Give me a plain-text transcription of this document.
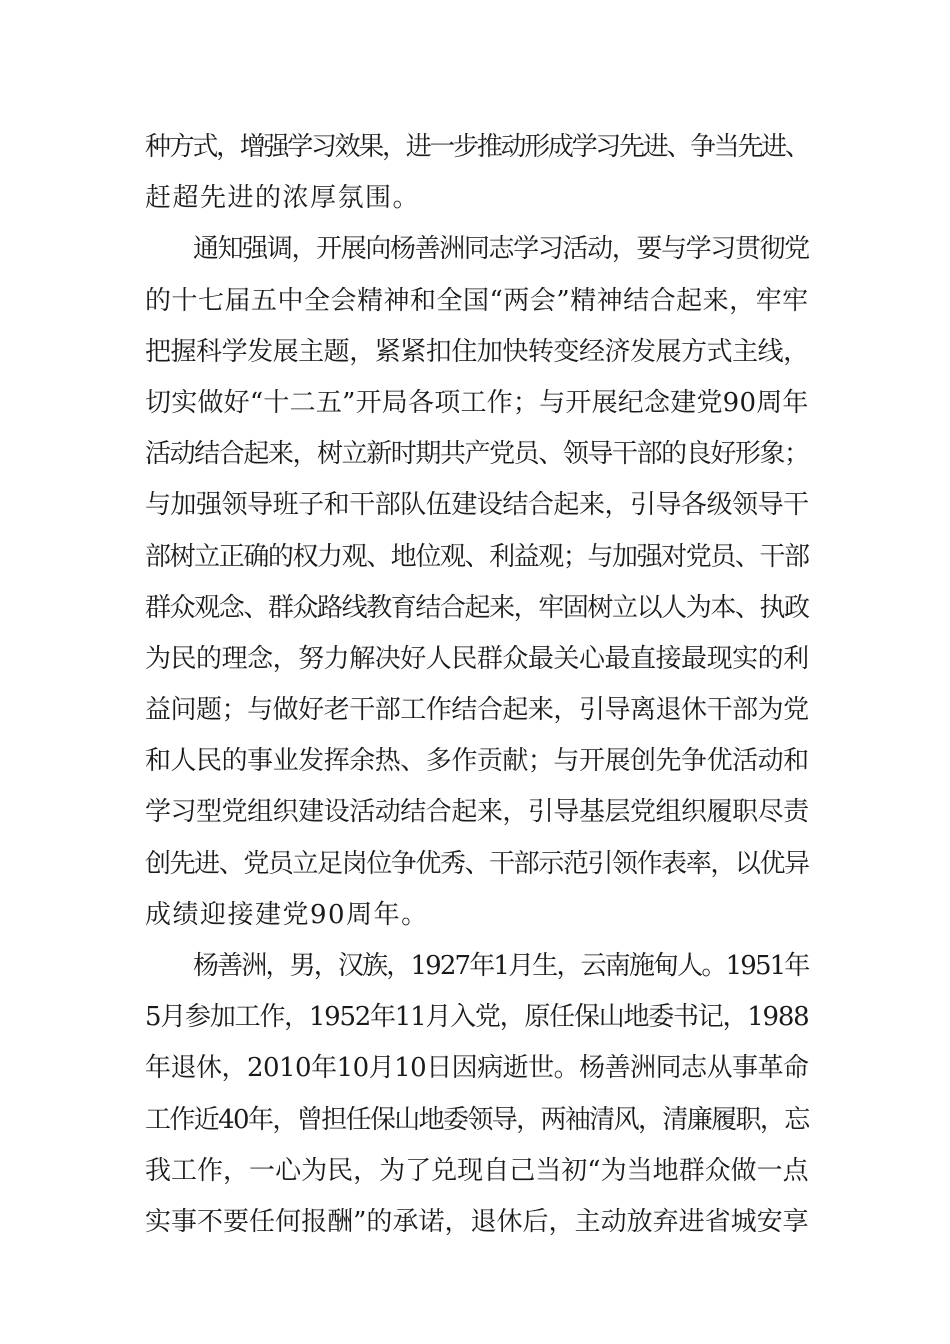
种方式，增强学习效果，进一步推动形成学习先进、争当先进、
赶超先进的浓厚氛围。
通知强调，开展向杨善洲同志学习活动，要与学习贯彻党
的十七届五中全会精神和全国“两会”精神结合起来，牢牢
把握科学发展主题，紧紧扣住加快转变经济发展方式主线，
切实做好“十二五”开局各项工作；与开展纪念建党90周年
活动结合起来，树立新时期共产党员、领导干部的良好形象；
与加强领导班子和干部队伍建设结合起来，引导各级领导干
部树立正确的权力观、地位观、利益观；与加强对党员、干部
群众观念、群众路线教育结合起来，牢固树立以人为本、执政
为民的理念，努力解决好人民群众最关心最直接最现实的利
益问题；与做好老干部工作结合起来，引导离退休干部为党
和人民的事业发挥余热、多作贡献；与开展创先争优活动和
学习型党组织建设活动结合起来，引导基层党组织履职尽责
创先进、党员立足岗位争优秀、干部示范引领作表率，以优异
成绩迎接建党90周年。
杨善洲，男，汉族，1927年1月生，云南施甸人。1951年
5月参加工作，1952年11月入党，原任保山地委书记，1988
年退休，2010年10月10日因病逝世。杨善洲同志从事革命
工作近40年，曾担任保山地委领导，两袖清风，清廉履职，忘
我工作，一心为民，为了兑现自己当初“为当地群众做一点
实事不要任何报酬”的承诺，退休后，主动放弃进省城安享
